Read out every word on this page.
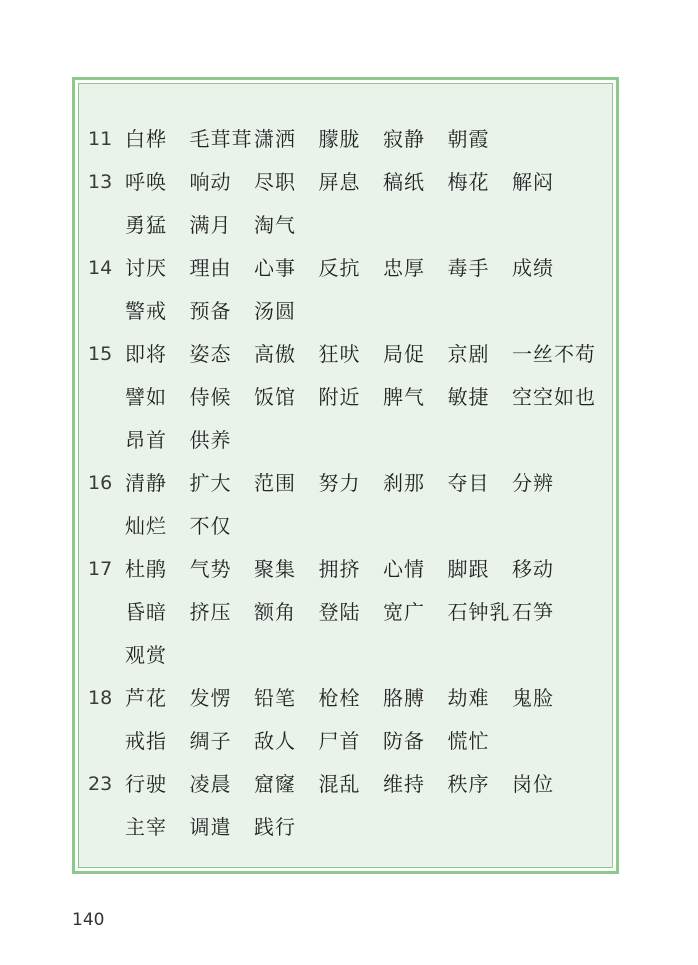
11 白桦 毛茸茸 潇洒 朦胧 寂静 朝霞
13 呼唤 响动 尽职 屏息 稿纸 梅花 解闷
勇猛 满月 淘气
14 讨厌 理由 心事 反抗 忠厚 毒手 成绩
警戒 预备 汤圆
15 即将 姿态 高傲 狂吠 局促 京剧 一丝不苟
譬如 侍候 饭馆 附近 脾气 敏捷 空空如也
昂首 供养
16 清静 扩大 范围 努力 刹那 夺目 分辨
灿烂 不仅
17 杜鹃 气势 聚集 拥挤 心情 脚跟 移动
昏暗 挤压 额角 登陆 宽广 石钟乳 石笋
观赏
18 芦花 发愣 铅笔 枪栓 胳膊 劫难 鬼脸
戒指 绸子 敌人 尸首 防备 慌忙
23 行驶 凌晨 窟窿 混乱 维持 秩序 岗位
主宰 调遣 践行
140
